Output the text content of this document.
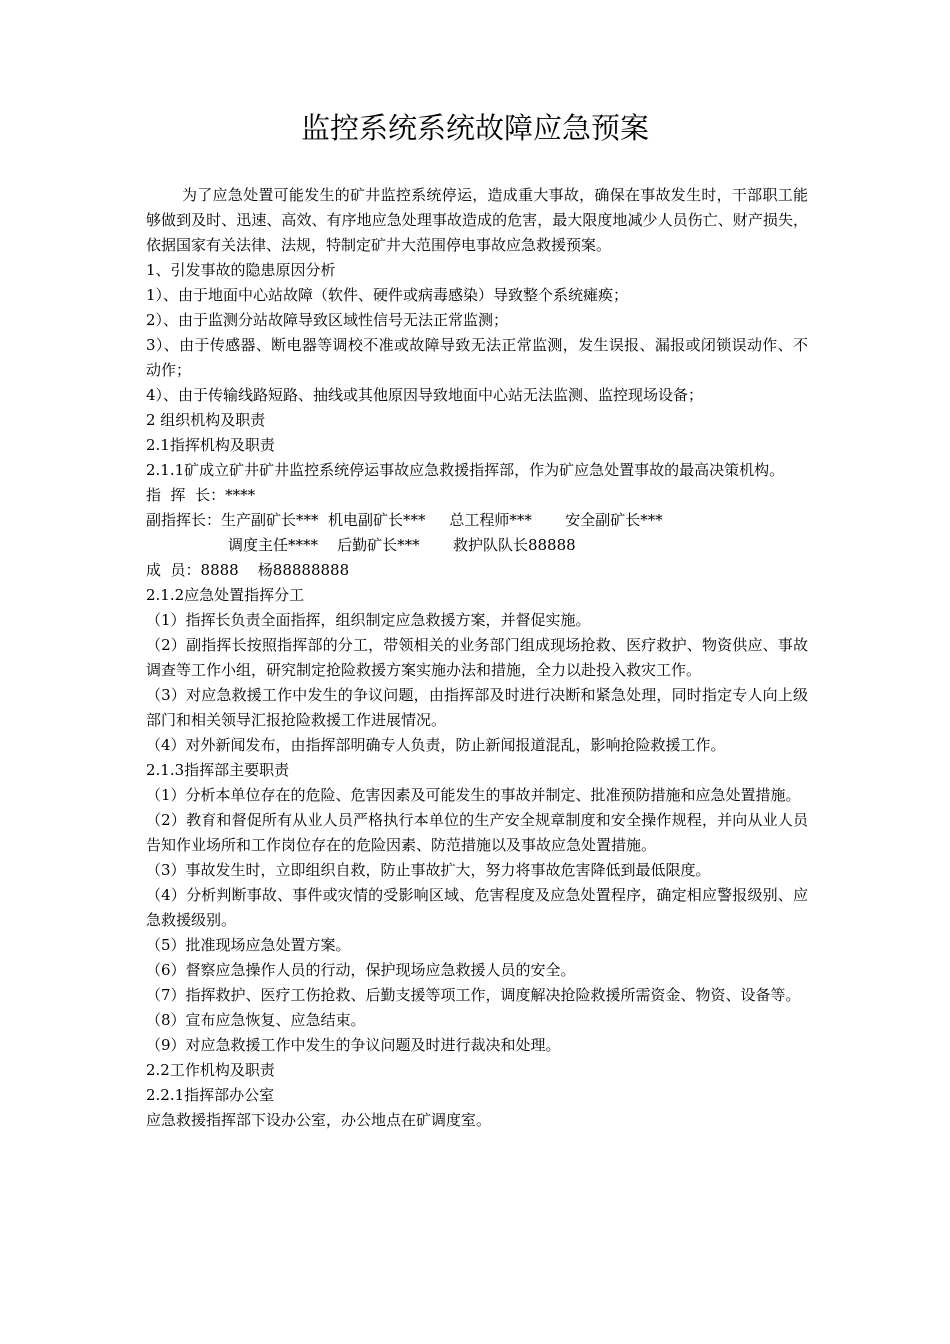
监控系统系统故障应急预案

为了应急处置可能发生的矿井监控系统停运，造成重大事故，确保在事故发生时，干部职工能够做到及时、迅速、高效、有序地应急处理事故造成的危害，最大限度地减少人员伤亡、财产损失，依据国家有关法律、法规，特制定矿井大范围停电事故应急救援预案。

1、引发事故的隐患原因分析

1）、由于地面中心站故障（软件、硬件或病毒感染）导致整个系统瘫痪；

2）、由于监测分站故障导致区域性信号无法正常监测；

3）、由于传感器、断电器等调校不准或故障导致无法正常监测，发生误报、漏报或闭锁误动作、不动作；

4）、由于传输线路短路、抽线或其他原因导致地面中心站无法监测、监控现场设备；

2 组织机构及职责

2.1指挥机构及职责

2.1.1矿成立矿井矿井监控系统停运事故应急救援指挥部，作为矿应急处置事故的最高决策机构。

指  挥  长：****

副指挥长：生产副矿长***  机电副矿长***     总工程师***       安全副矿长***

调度主任****    后勤矿长***       救护队队长88888

成  员：8888    杨88888888

2.1.2应急处置指挥分工

（1）指挥长负责全面指挥，组织制定应急救援方案，并督促实施。

（2）副指挥长按照指挥部的分工，带领相关的业务部门组成现场抢救、医疗救护、物资供应、事故调查等工作小组，研究制定抢险救援方案实施办法和措施，全力以赴投入救灾工作。

（3）对应急救援工作中发生的争议问题，由指挥部及时进行决断和紧急处理，同时指定专人向上级部门和相关领导汇报抢险救援工作进展情况。

（4）对外新闻发布，由指挥部明确专人负责，防止新闻报道混乱，影响抢险救援工作。

2.1.3指挥部主要职责

（1）分析本单位存在的危险、危害因素及可能发生的事故并制定、批准预防措施和应急处置措施。

（2）教育和督促所有从业人员严格执行本单位的生产安全规章制度和安全操作规程，并向从业人员告知作业场所和工作岗位存在的危险因素、防范措施以及事故应急处置措施。

（3）事故发生时，立即组织自救，防止事故扩大，努力将事故危害降低到最低限度。

（4）分析判断事故、事件或灾情的受影响区域、危害程度及应急处置程序，确定相应警报级别、应急救援级别。

（5）批准现场应急处置方案。

（6）督察应急操作人员的行动，保护现场应急救援人员的安全。

（7）指挥救护、医疗工伤抢救、后勤支援等项工作，调度解决抢险救援所需资金、物资、设备等。

（8）宣布应急恢复、应急结束。

（9）对应急救援工作中发生的争议问题及时进行裁决和处理。

2.2工作机构及职责

2.2.1指挥部办公室

应急救援指挥部下设办公室，办公地点在矿调度室。
